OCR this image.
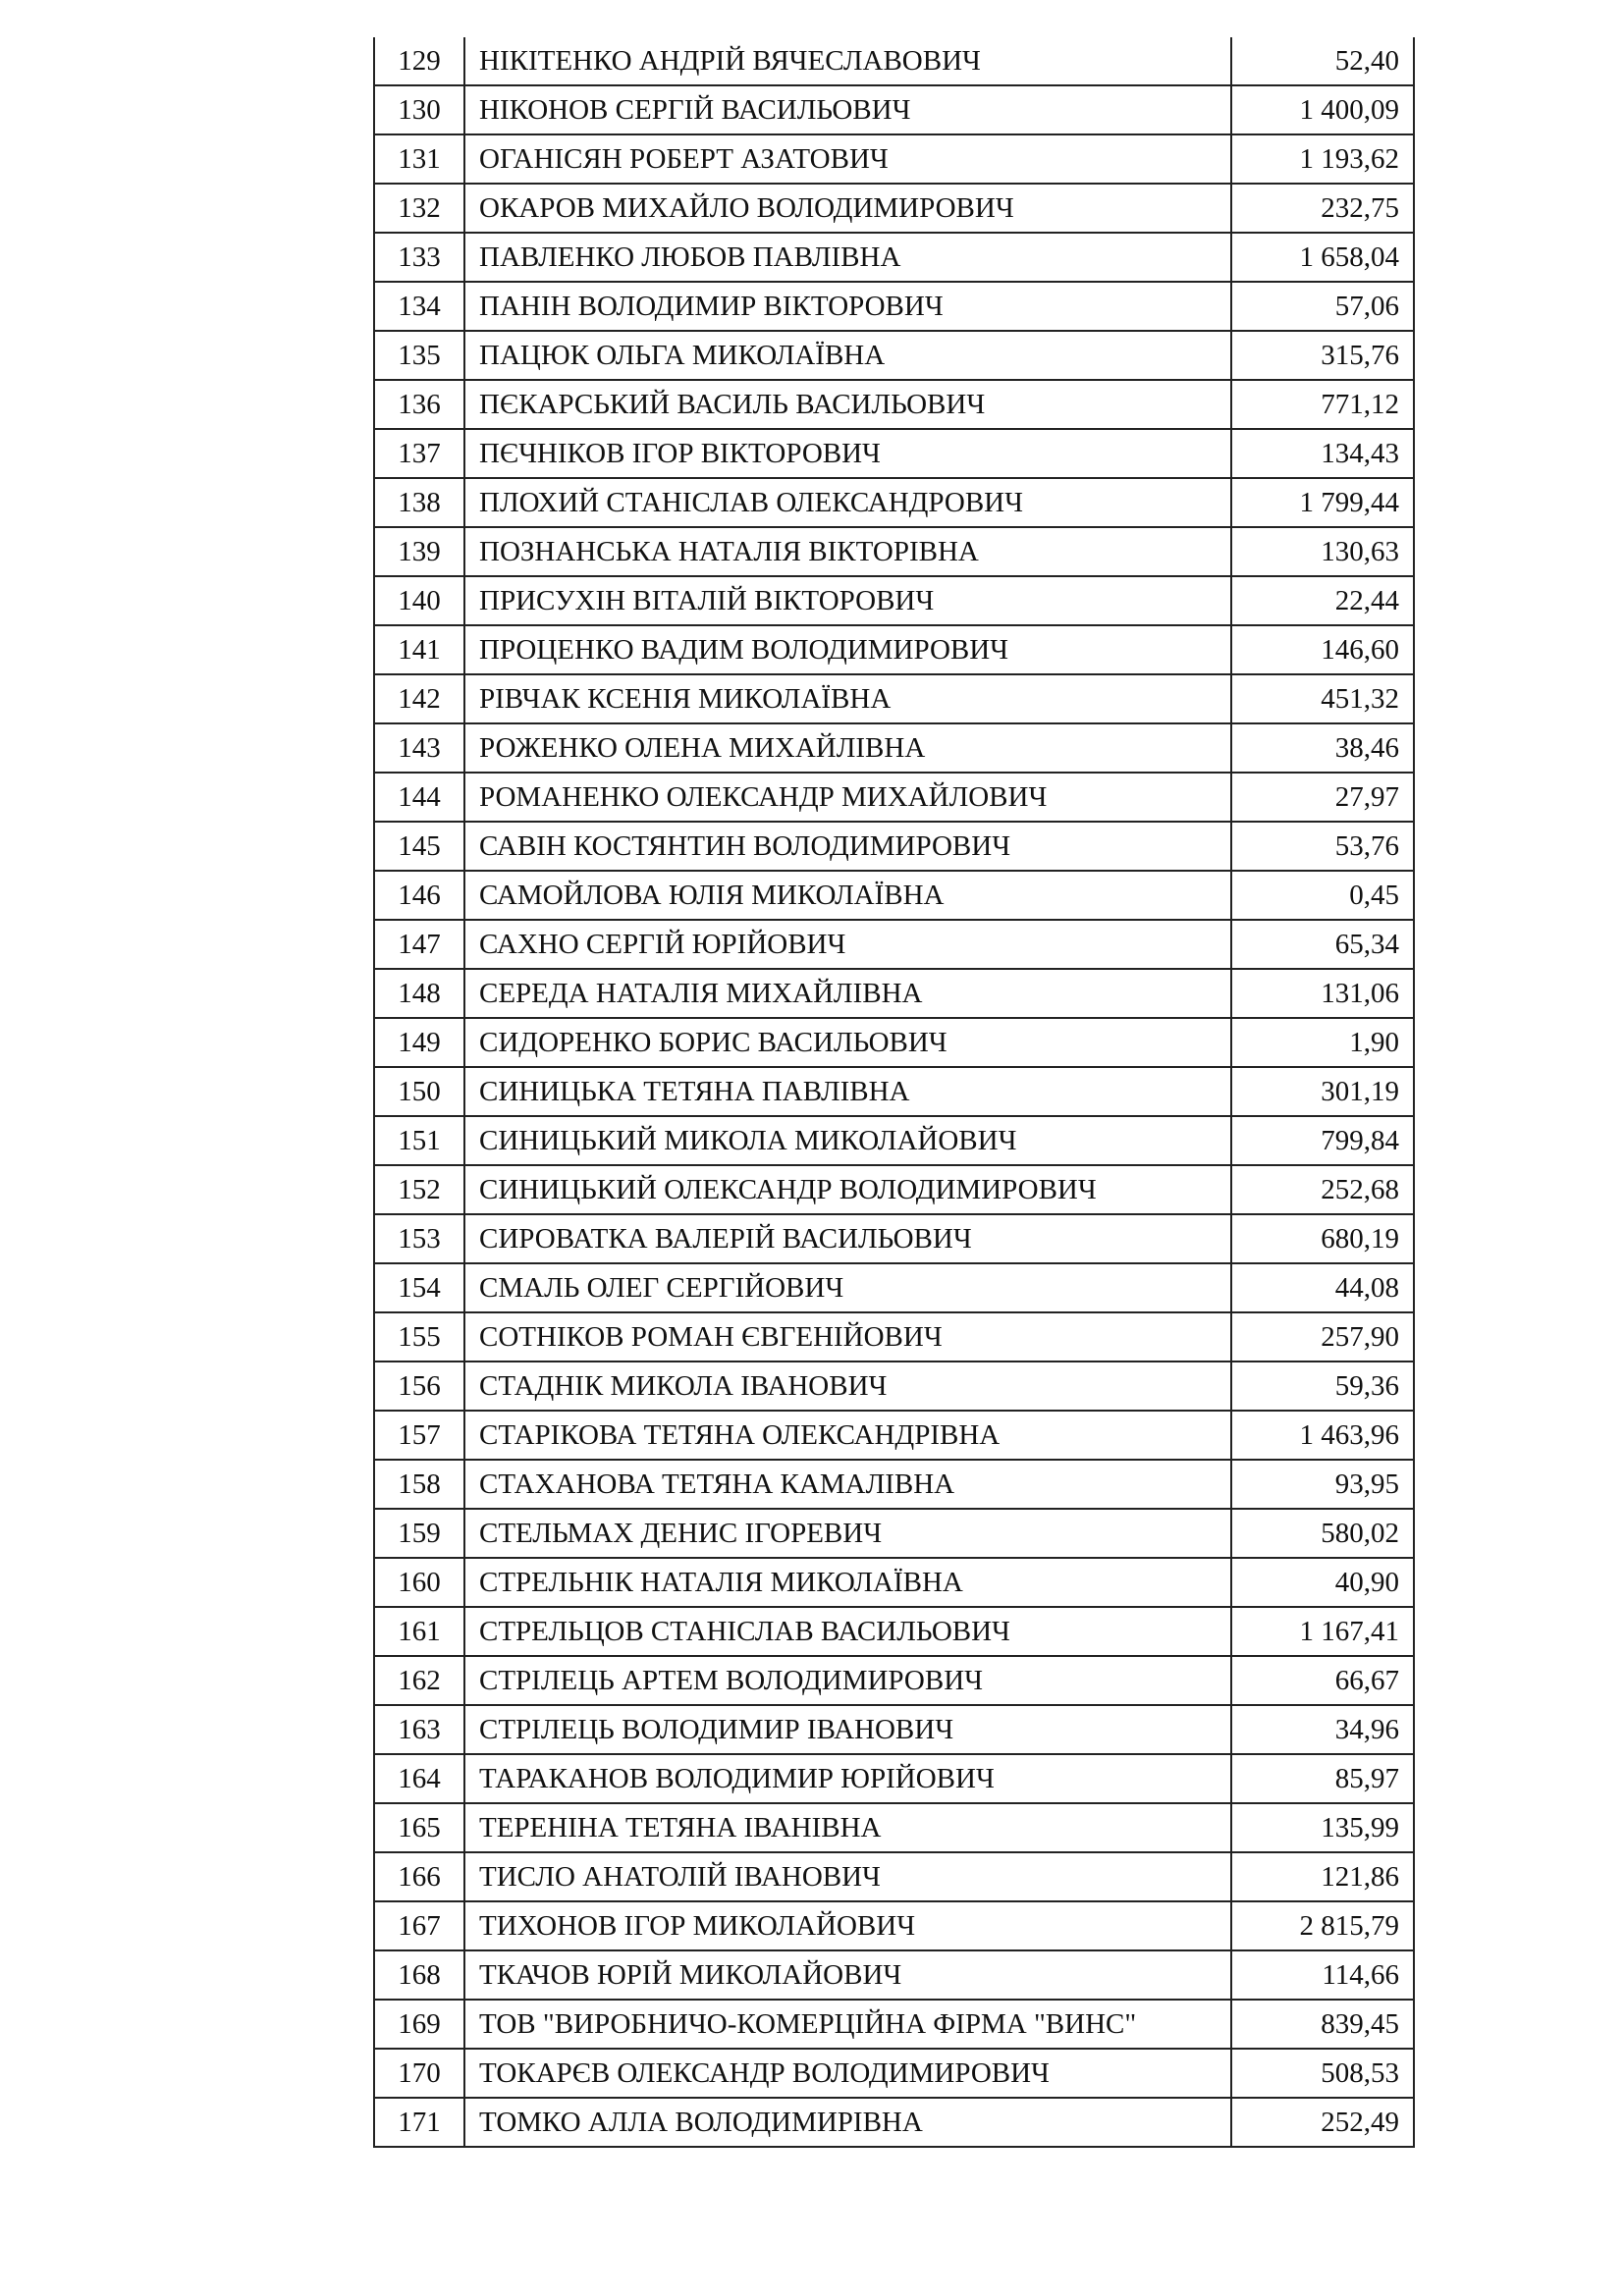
129	НІКІТЕНКО АНДРІЙ ВЯЧЕСЛАВОВИЧ	52,40
130	НІКОНОВ СЕРГІЙ ВАСИЛЬОВИЧ	1 400,09
131	ОГАНІСЯН РОБЕРТ АЗАТОВИЧ	1 193,62
132	ОКАРОВ МИХАЙЛО ВОЛОДИМИРОВИЧ	232,75
133	ПАВЛЕНКО ЛЮБОВ ПАВЛІВНА	1 658,04
134	ПАНІН ВОЛОДИМИР ВІКТОРОВИЧ	57,06
135	ПАЦЮК ОЛЬГА МИКОЛАЇВНА	315,76
136	ПЄКАРСЬКИЙ ВАСИЛЬ ВАСИЛЬОВИЧ	771,12
137	ПЄЧНІКОВ ІГОР ВІКТОРОВИЧ	134,43
138	ПЛОХИЙ СТАНІСЛАВ ОЛЕКСАНДРОВИЧ	1 799,44
139	ПОЗНАНСЬКА НАТАЛІЯ ВІКТОРІВНА	130,63
140	ПРИСУХІН ВІТАЛІЙ ВІКТОРОВИЧ	22,44
141	ПРОЦЕНКО ВАДИМ ВОЛОДИМИРОВИЧ	146,60
142	РІВЧАК КСЕНІЯ МИКОЛАЇВНА	451,32
143	РОЖЕНКО ОЛЕНА МИХАЙЛІВНА	38,46
144	РОМАНЕНКО ОЛЕКСАНДР МИХАЙЛОВИЧ	27,97
145	САВІН КОСТЯНТИН ВОЛОДИМИРОВИЧ	53,76
146	САМОЙЛОВА ЮЛІЯ МИКОЛАЇВНА	0,45
147	САХНО СЕРГІЙ ЮРІЙОВИЧ	65,34
148	СЕРЕДА НАТАЛІЯ МИХАЙЛІВНА	131,06
149	СИДОРЕНКО БОРИС ВАСИЛЬОВИЧ	1,90
150	СИНИЦЬКА ТЕТЯНА ПАВЛІВНА	301,19
151	СИНИЦЬКИЙ МИКОЛА МИКОЛАЙОВИЧ	799,84
152	СИНИЦЬКИЙ ОЛЕКСАНДР ВОЛОДИМИРОВИЧ	252,68
153	СИРОВАТКА ВАЛЕРІЙ ВАСИЛЬОВИЧ	680,19
154	СМАЛЬ ОЛЕГ СЕРГІЙОВИЧ	44,08
155	СОТНІКОВ РОМАН ЄВГЕНІЙОВИЧ	257,90
156	СТАДНІК МИКОЛА ІВАНОВИЧ	59,36
157	СТАРІКОВА ТЕТЯНА ОЛЕКСАНДРІВНА	1 463,96
158	СТАХАНОВА ТЕТЯНА КАМАЛІВНА	93,95
159	СТЕЛЬМАХ ДЕНИС ІГОРЕВИЧ	580,02
160	СТРЕЛЬНІК НАТАЛІЯ МИКОЛАЇВНА	40,90
161	СТРЕЛЬЦОВ СТАНІСЛАВ ВАСИЛЬОВИЧ	1 167,41
162	СТРІЛЕЦЬ АРТЕМ ВОЛОДИМИРОВИЧ	66,67
163	СТРІЛЕЦЬ ВОЛОДИМИР ІВАНОВИЧ	34,96
164	ТАРАКАНОВ ВОЛОДИМИР ЮРІЙОВИЧ	85,97
165	ТЕРЕНІНА ТЕТЯНА ІВАНІВНА	135,99
166	ТИСЛО АНАТОЛІЙ ІВАНОВИЧ	121,86
167	ТИХОНОВ ІГОР МИКОЛАЙОВИЧ	2 815,79
168	ТКАЧОВ ЮРІЙ МИКОЛАЙОВИЧ	114,66
169	ТОВ "ВИРОБНИЧО-КОМЕРЦІЙНА ФІРМА "ВИНС"	839,45
170	ТОКАРЄВ ОЛЕКСАНДР ВОЛОДИМИРОВИЧ	508,53
171	ТОМКО АЛЛА ВОЛОДИМИРІВНА	252,49
